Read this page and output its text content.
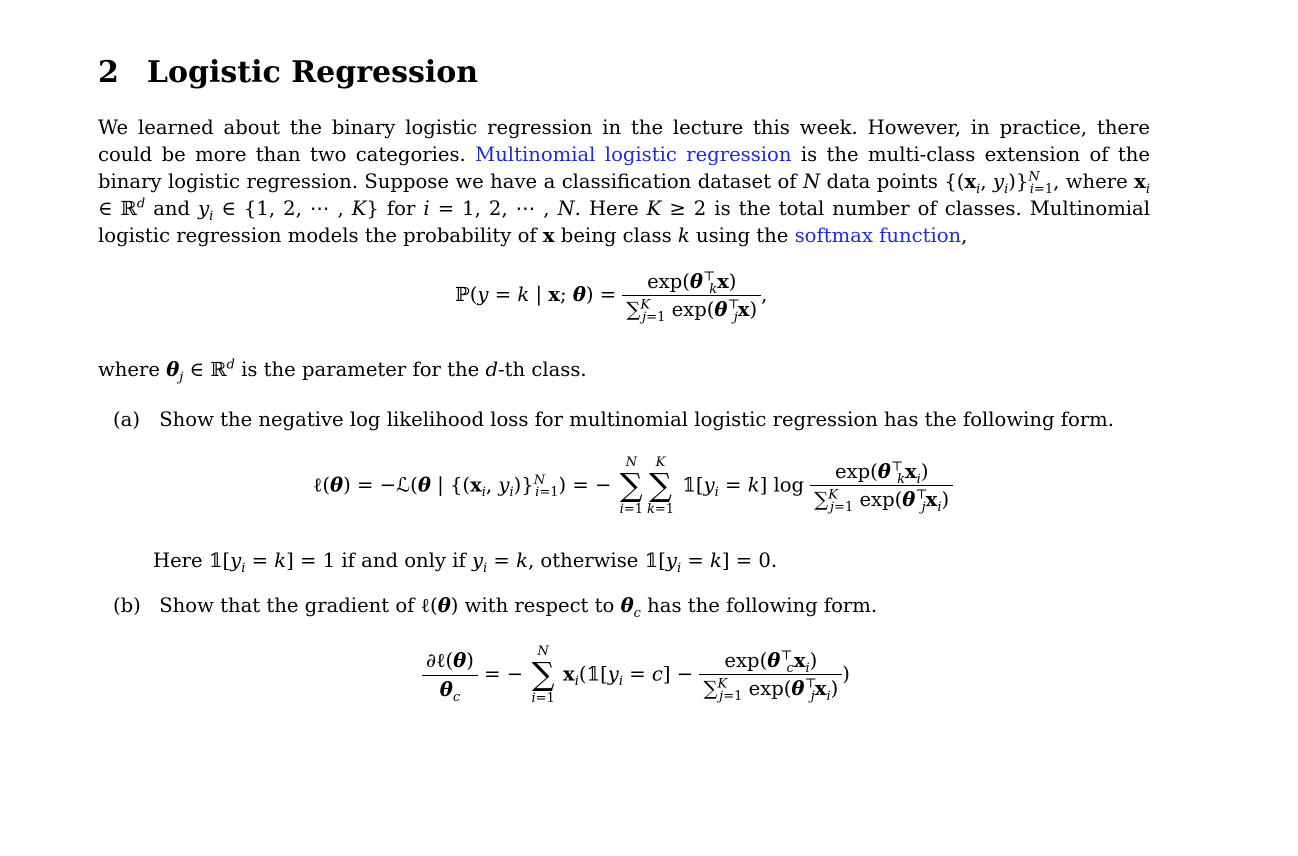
2 Logistic Regression

We learned about the binary logistic regression in the lecture this week. However, in practice, there could be more than two categories. Multinomial logistic regression is the multi-class extension of the binary logistic regression. Suppose we have a classification dataset of N data points {($x_i$, $y_i)\}^N_{i=1}$, where $x_i$ ∈ ℝ$^d$ and $y_i$ ∈ {1, 2, ⋯ , K} for i = 1, 2, ⋯ , N. Here K ≥ 2 is the total number of classes. Multinomial logistic regression models the probability of x being class k using the softmax function,

ℙ(y = k | x; $\theta) = \frac{\exp(\theta^⊤_kx)}{\sum^K_{j=1} \exp(\theta^⊤_jx)}$ ,

where $\theta_j$ ∈ ℝ$^d$ is the parameter for the d-th class.

(a) Show the negative log likelihood loss for multinomial logistic regression has the following form.

ℓ(θ) = −ℒ(θ | {($x_i$, $y_i)\}^N_{i=1}$) = −
N
∑
i=1
K
∑
k=1
$𝟙[y_i = k]$ $\log \frac{\exp(\theta^⊤_kx_i)}{\sum^K_{j=1} \exp(\theta^⊤_jx_i)}$

Here $𝟙[y_i = k] = 1$ if and only if $y_i = k$, otherwise $𝟙[y_i = k] = 0$.

(b) Show that the gradient of ℓ(θ) with respect to $\theta_c$ has the following form.

$\frac{\text{∂ℓ(θ)}}{\theta_c}$ = −
N
∑
i=1
$x_i(𝟙[y_i = c] - \frac{\exp(\theta^⊤_cx_i)}{\sum^K_{j=1} \exp(\theta^⊤_jx_i)}$ )
